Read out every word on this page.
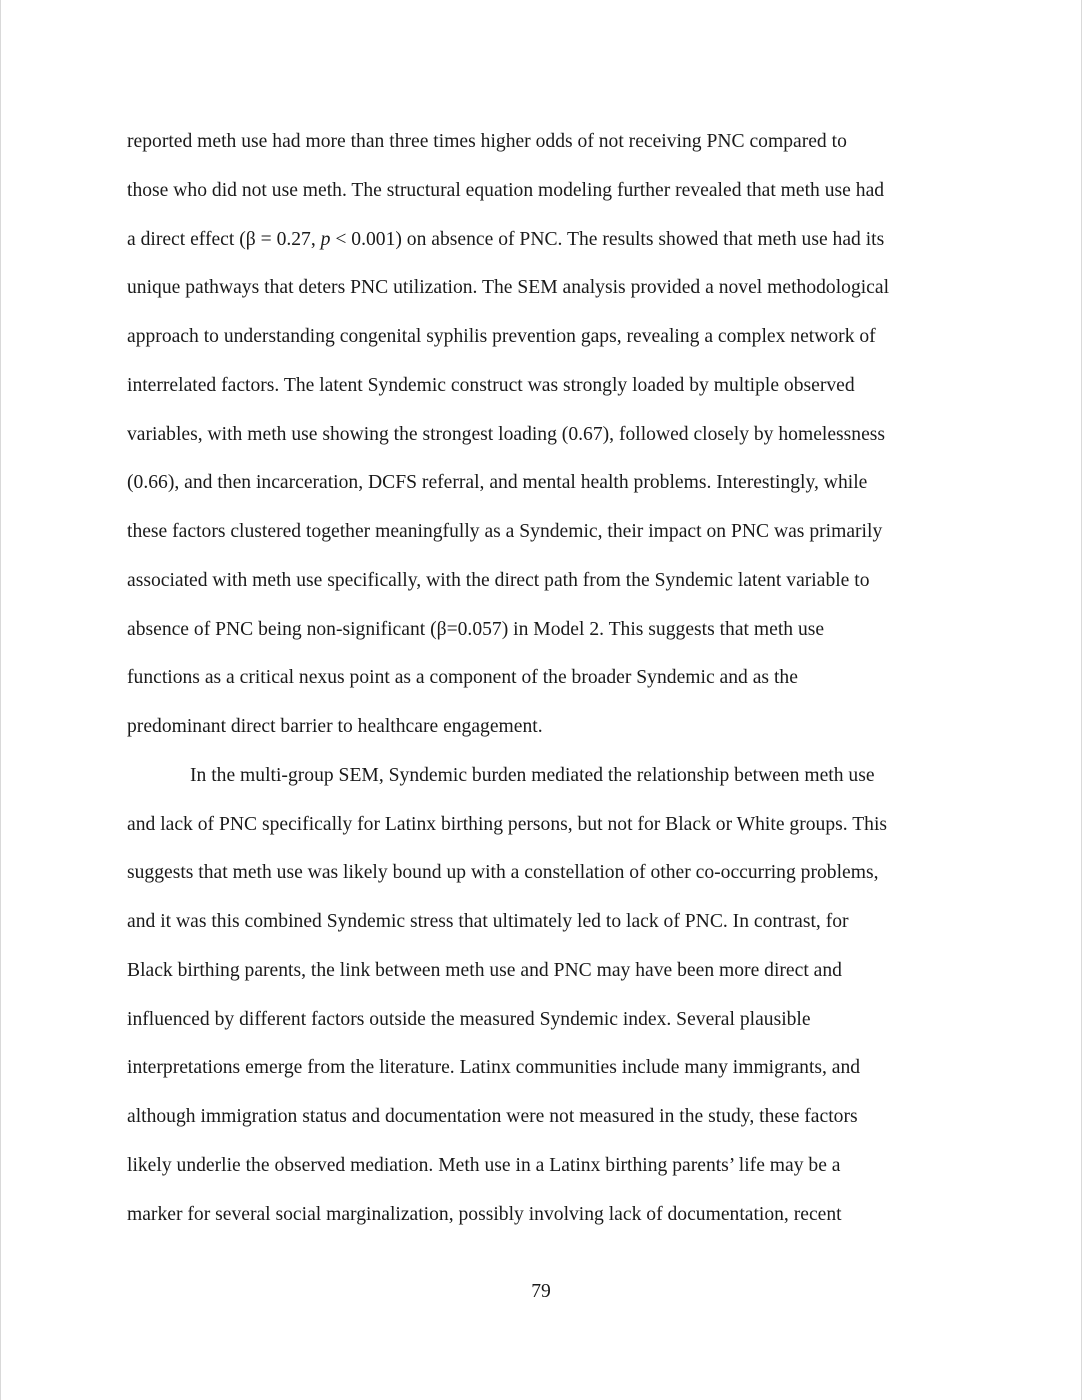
reported meth use had more than three times higher odds of not receiving PNC compared to
those who did not use meth. The structural equation modeling further revealed that meth use had
a direct effect (β = 0.27, p < 0.001) on absence of PNC. The results showed that meth use had its
unique pathways that deters PNC utilization. The SEM analysis provided a novel methodological
approach to understanding congenital syphilis prevention gaps, revealing a complex network of
interrelated factors. The latent Syndemic construct was strongly loaded by multiple observed
variables, with meth use showing the strongest loading (0.67), followed closely by homelessness
(0.66), and then incarceration, DCFS referral, and mental health problems. Interestingly, while
these factors clustered together meaningfully as a Syndemic, their impact on PNC was primarily
associated with meth use specifically, with the direct path from the Syndemic latent variable to
absence of PNC being non-significant (β=0.057) in Model 2. This suggests that meth use
functions as a critical nexus point as a component of the broader Syndemic and as the
predominant direct barrier to healthcare engagement.
In the multi-group SEM, Syndemic burden mediated the relationship between meth use
and lack of PNC specifically for Latinx birthing persons, but not for Black or White groups. This
suggests that meth use was likely bound up with a constellation of other co-occurring problems,
and it was this combined Syndemic stress that ultimately led to lack of PNC. In contrast, for
Black birthing parents, the link between meth use and PNC may have been more direct and
influenced by different factors outside the measured Syndemic index. Several plausible
interpretations emerge from the literature. Latinx communities include many immigrants, and
although immigration status and documentation were not measured in the study, these factors
likely underlie the observed mediation. Meth use in a Latinx birthing parents’ life may be a
marker for several social marginalization, possibly involving lack of documentation, recent
79
